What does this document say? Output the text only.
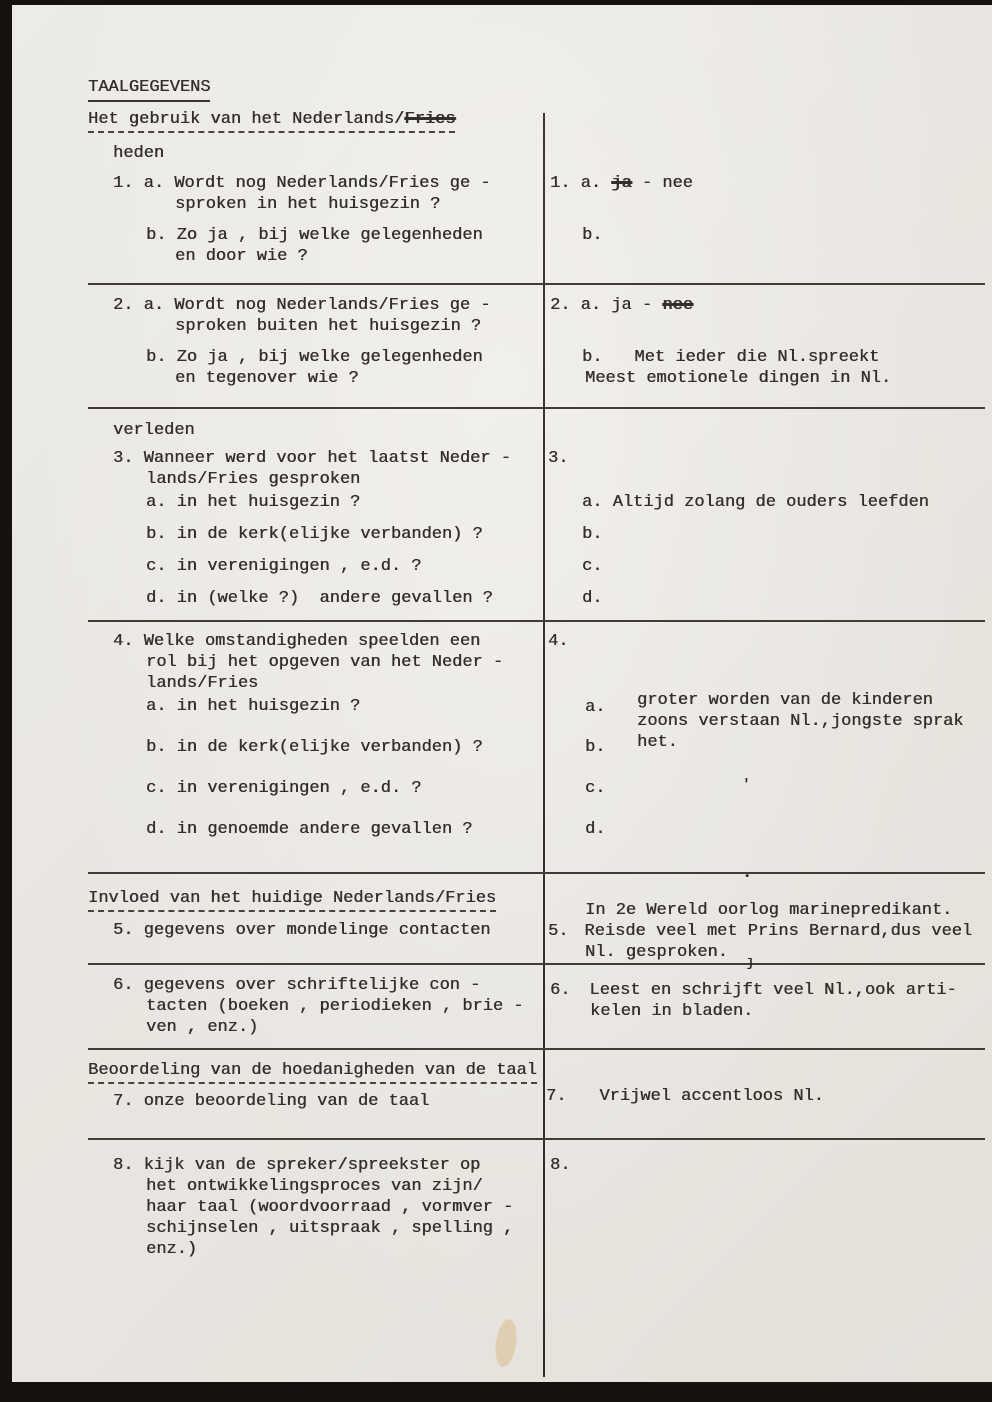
TAALGEGEVENS
Het gebruik van het Nederlands/Fries
heden
1. a. Wordt nog Nederlands/Fries ge -
sproken in het huisgezin ?
b. Zo ja , bij welke gelegenheden
en door wie ?
1. a. ja - nee
b.
2. a. Wordt nog Nederlands/Fries ge -
sproken buiten het huisgezin ?
b. Zo ja , bij welke gelegenheden
en tegenover wie ?
2. a. ja - nee
b. Met ieder die Nl.spreekt
Meest emotionele dingen in Nl.
verleden
3. Wanneer werd voor het laatst Neder -
lands/Fries gesproken
a. in het huisgezin ?
b. in de kerk(elijke verbanden) ?
c. in verenigingen , e.d. ?
d. in (welke ?)  andere gevallen ?
3.
a. Altijd zolang de ouders leefden
b.
c.
d.
4. Welke omstandigheden speelden een
rol bij het opgeven van het Neder -
lands/Fries
a. in het huisgezin ?
b. in de kerk(elijke verbanden) ?
c. in verenigingen , e.d. ?
d. in genoemde andere gevallen ?
4.
a.
b.
groter worden van de kinderen
zoons verstaan Nl.,jongste sprak
het.
c.
d.
Invloed van het huidige Nederlands/Fries
5. gegevens over mondelinge contacten
In 2e Wereld oorlog marinepredikant.
5. Reisde veel met Prins Bernard,dus veel
Nl. gesproken.
6. gegevens over schriftelijke con -
tacten (boeken , periodieken , brie -
ven , enz.)
6. Leest en schrijft veel Nl.,ook arti-
kelen in bladen.
Beoordeling van de hoedanigheden van de taal
7. onze beoordeling van de taal	7. Vrijwel accentloos Nl.
8. kijk van de spreker/spreekster op
het ontwikkelingsproces van zijn/
haar taal (woordvoorraad , vormver -
schijnselen , uitspraak , spelling ,
enz.)
8.
'
•
ȷ
